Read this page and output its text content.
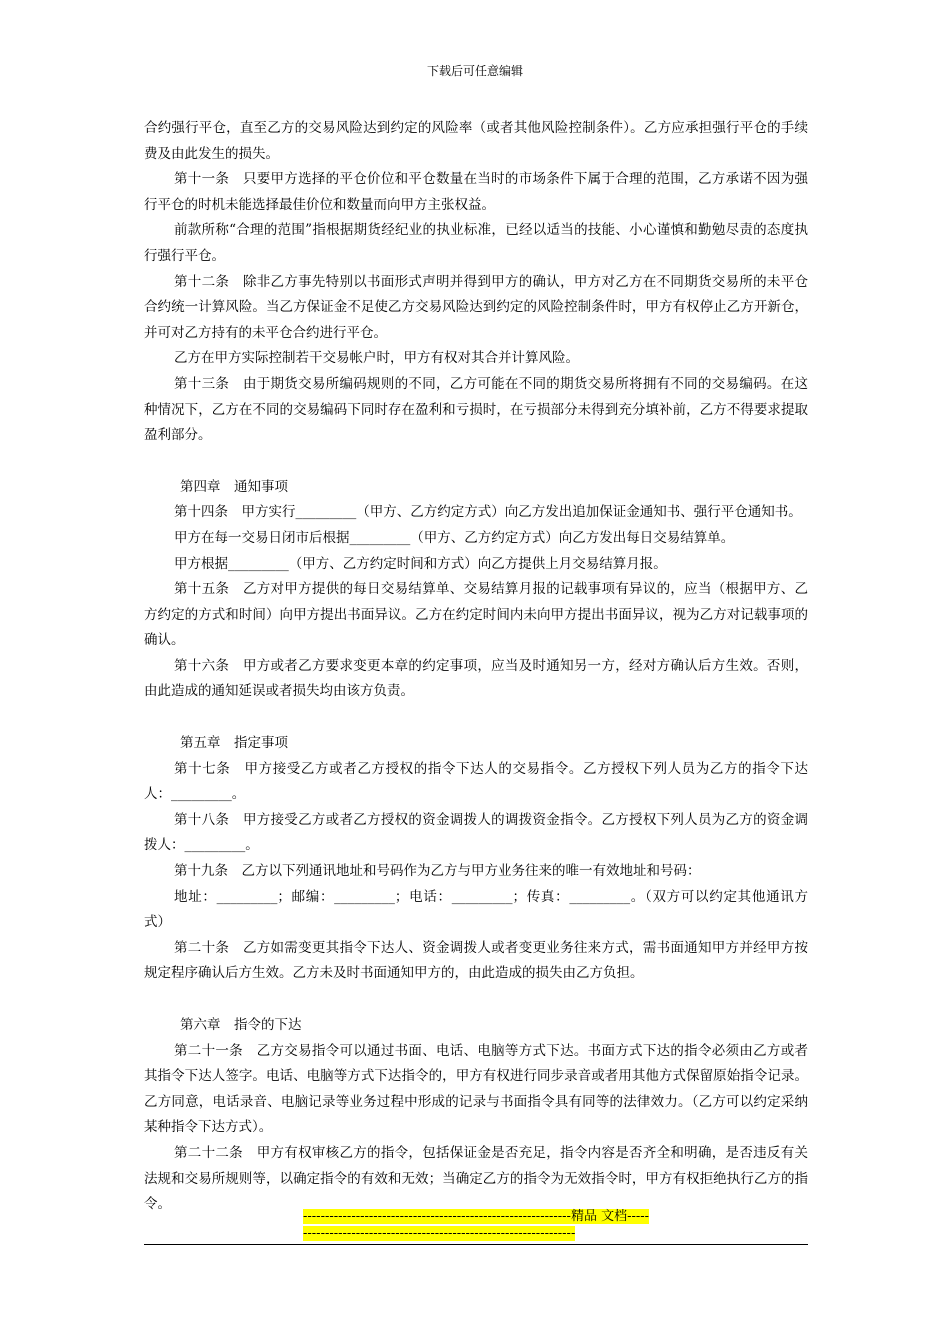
下载后可任意编辑

合约强行平仓，直至乙方的交易风险达到约定的风险率（或者其他风险控制条件）。乙方应承担强行平仓的手续费及由此发生的损失。

第十一条　只要甲方选择的平仓价位和平仓数量在当时的市场条件下属于合理的范围，乙方承诺不因为强行平仓的时机未能选择最佳价位和数量而向甲方主张权益。

前款所称“合理的范围”指根据期货经纪业的执业标准，已经以适当的技能、小心谨慎和勤勉尽责的态度执行强行平仓。

第十二条　除非乙方事先特别以书面形式声明并得到甲方的确认，甲方对乙方在不同期货交易所的未平仓合约统一计算风险。当乙方保证金不足使乙方交易风险达到约定的风险控制条件时，甲方有权停止乙方开新仓，并可对乙方持有的未平仓合约进行平仓。

乙方在甲方实际控制若干交易帐户时，甲方有权对其合并计算风险。

第十三条　由于期货交易所编码规则的不同，乙方可能在不同的期货交易所将拥有不同的交易编码。在这种情况下，乙方在不同的交易编码下同时存在盈利和亏损时，在亏损部分未得到充分填补前，乙方不得要求提取盈利部分。

第四章　通知事项

第十四条　甲方实行_________（甲方、乙方约定方式）向乙方发出追加保证金通知书、强行平仓通知书。

甲方在每一交易日闭市后根据_________（甲方、乙方约定方式）向乙方发出每日交易结算单。

甲方根据_________（甲方、乙方约定时间和方式）向乙方提供上月交易结算月报。

第十五条　乙方对甲方提供的每日交易结算单、交易结算月报的记载事项有异议的，应当（根据甲方、乙方约定的方式和时间）向甲方提出书面异议。乙方在约定时间内未向甲方提出书面异议，视为乙方对记载事项的确认。

第十六条　甲方或者乙方要求变更本章的约定事项，应当及时通知另一方，经对方确认后方生效。否则，由此造成的通知延误或者损失均由该方负责。

第五章　指定事项

第十七条　甲方接受乙方或者乙方授权的指令下达人的交易指令。乙方授权下列人员为乙方的指令下达人：_________。

第十八条　甲方接受乙方或者乙方授权的资金调拨人的调拨资金指令。乙方授权下列人员为乙方的资金调拨人：_________。

第十九条　乙方以下列通讯地址和号码作为乙方与甲方业务往来的唯一有效地址和号码：

地址：_________；邮编：_________；电话：_________；传真：_________。（双方可以约定其他通讯方式）

第二十条　乙方如需变更其指令下达人、资金调拨人或者变更业务往来方式，需书面通知甲方并经甲方按规定程序确认后方生效。乙方未及时书面通知甲方的，由此造成的损失由乙方负担。

第六章　指令的下达

第二十一条　乙方交易指令可以通过书面、电话、电脑等方式下达。书面方式下达的指令必须由乙方或者其指令下达人签字。电话、电脑等方式下达指令的，甲方有权进行同步录音或者用其他方式保留原始指令记录。乙方同意，电话录音、电脑记录等业务过程中形成的记录与书面指令具有同等的法律效力。（乙方可以约定采纳某种指令下达方式）。

第二十二条　甲方有权审核乙方的指令，包括保证金是否充足，指令内容是否齐全和明确，是否违反有关法规和交易所规则等，以确定指令的有效和无效；当确定乙方的指令为无效指令时，甲方有权拒绝执行乙方的指令。

-------------------------------------------------------------精品 文档-------------------------------------------------------------------
